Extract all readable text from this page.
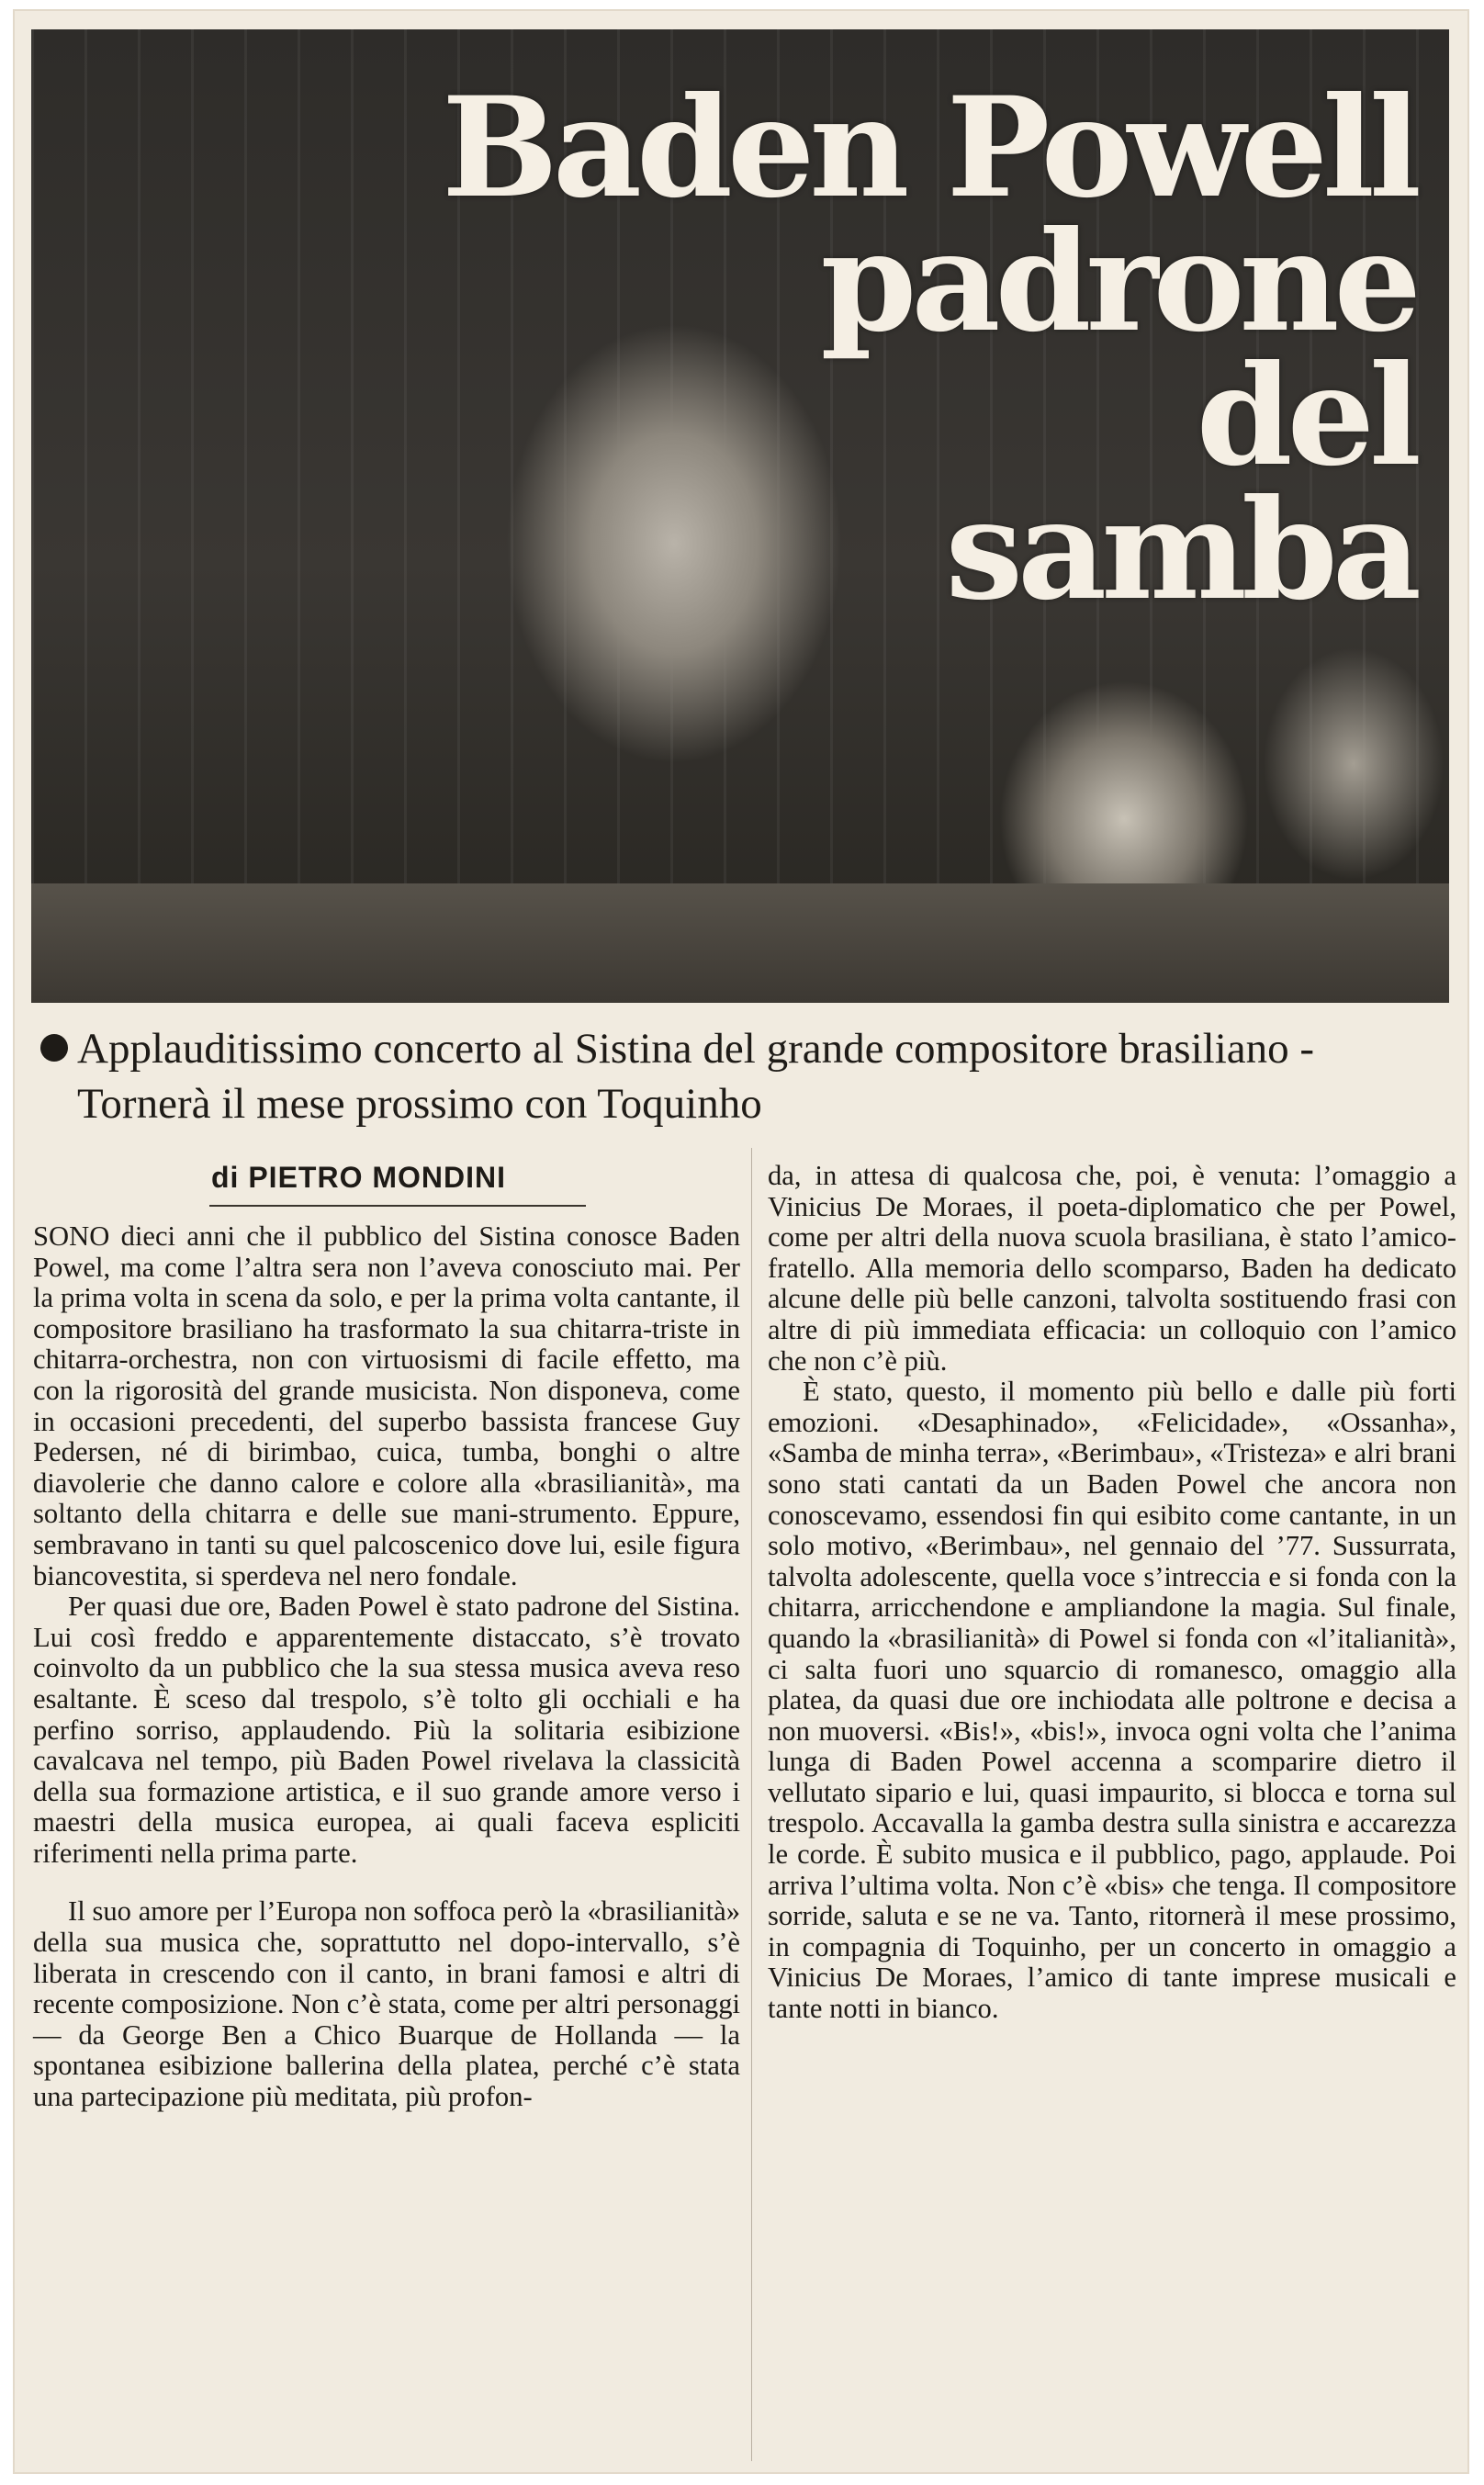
Baden Powell
padrone
del
samba
Applauditissimo concerto al Sistina del grande compositore brasiliano - Tornerà il mese prossimo con Toquinho
di PIETRO MONDINI

SONO dieci anni che il pubblico del Sistina conosce Baden Powel, ma come l’altra sera non l’aveva conosciuto mai. Per la prima volta in scena da solo, e per la prima volta cantante, il compositore brasiliano ha trasformato la sua chitarra-triste in chitarra-orchestra, non con virtuosismi di facile effetto, ma con la rigorosità del grande musicista. Non disponeva, come in occasioni precedenti, del superbo bassista francese Guy Pedersen, né di birimbao, cuica, tumba, bonghi o altre diavolerie che danno calore e colore alla «brasilianità», ma soltanto della chitarra e delle sue mani-strumento. Eppure, sembravano in tanti su quel palcoscenico dove lui, esile figura biancovestita, si sperdeva nel nero fondale.

Per quasi due ore, Baden Powel è stato padrone del Sistina. Lui così freddo e apparentemente distaccato, s’è trovato coinvolto da un pubblico che la sua stessa musica aveva reso esaltante. È sceso dal trespolo, s’è tolto gli occhiali e ha perfino sorriso, applaudendo. Più la solitaria esibizione cavalcava nel tempo, più Baden Powel rivelava la classicità della sua formazione artistica, e il suo grande amore verso i maestri della musica europea, ai quali faceva espliciti riferimenti nella prima parte.

Il suo amore per l’Europa non soffoca però la «brasilianità» della sua musica che, soprattutto nel dopo-intervallo, s’è liberata in crescendo con il canto, in brani famosi e altri di recente composizione. Non c’è stata, come per altri personaggi — da George Ben a Chico Buarque de Hollanda — la spontanea esibizione ballerina della platea, perché c’è stata una partecipazione più meditata, più profon-

da, in attesa di qualcosa che, poi, è venuta: l’omaggio a Vinicius De Moraes, il poeta-diplomatico che per Powel, come per altri della nuova scuola brasiliana, è stato l’amico-fratello. Alla memoria dello scomparso, Baden ha dedicato alcune delle più belle canzoni, talvolta sostituendo frasi con altre di più immediata efficacia: un colloquio con l’amico che non c’è più.

È stato, questo, il momento più bello e dalle più forti emozioni. «Desaphinado», «Felicidade», «Ossanha», «Samba de minha terra», «Berimbau», «Tristeza» e alri brani sono stati cantati da un Baden Powel che ancora non conoscevamo, essendosi fin qui esibito come cantante, in un solo motivo, «Berimbau», nel gennaio del ’77. Sussurrata, talvolta adolescente, quella voce s’intreccia e si fonda con la chitarra, arricchendone e ampliandone la magia. Sul finale, quando la «brasilianità» di Powel si fonda con «l’italianità», ci salta fuori uno squarcio di romanesco, omaggio alla platea, da quasi due ore inchiodata alle poltrone e decisa a non muoversi. «Bis!», «bis!», invoca ogni volta che l’anima lunga di Baden Powel accenna a scomparire dietro il vellutato sipario e lui, quasi impaurito, si blocca e torna sul trespolo. Accavalla la gamba destra sulla sinistra e accarezza le corde. È subito musica e il pubblico, pago, applaude. Poi arriva l’ultima volta. Non c’è «bis» che tenga. Il compositore sorride, saluta e se ne va. Tanto, ritornerà il mese prossimo, in compagnia di Toquinho, per un concerto in omaggio a Vinicius De Moraes, l’amico di tante imprese musicali e tante notti in bianco.
